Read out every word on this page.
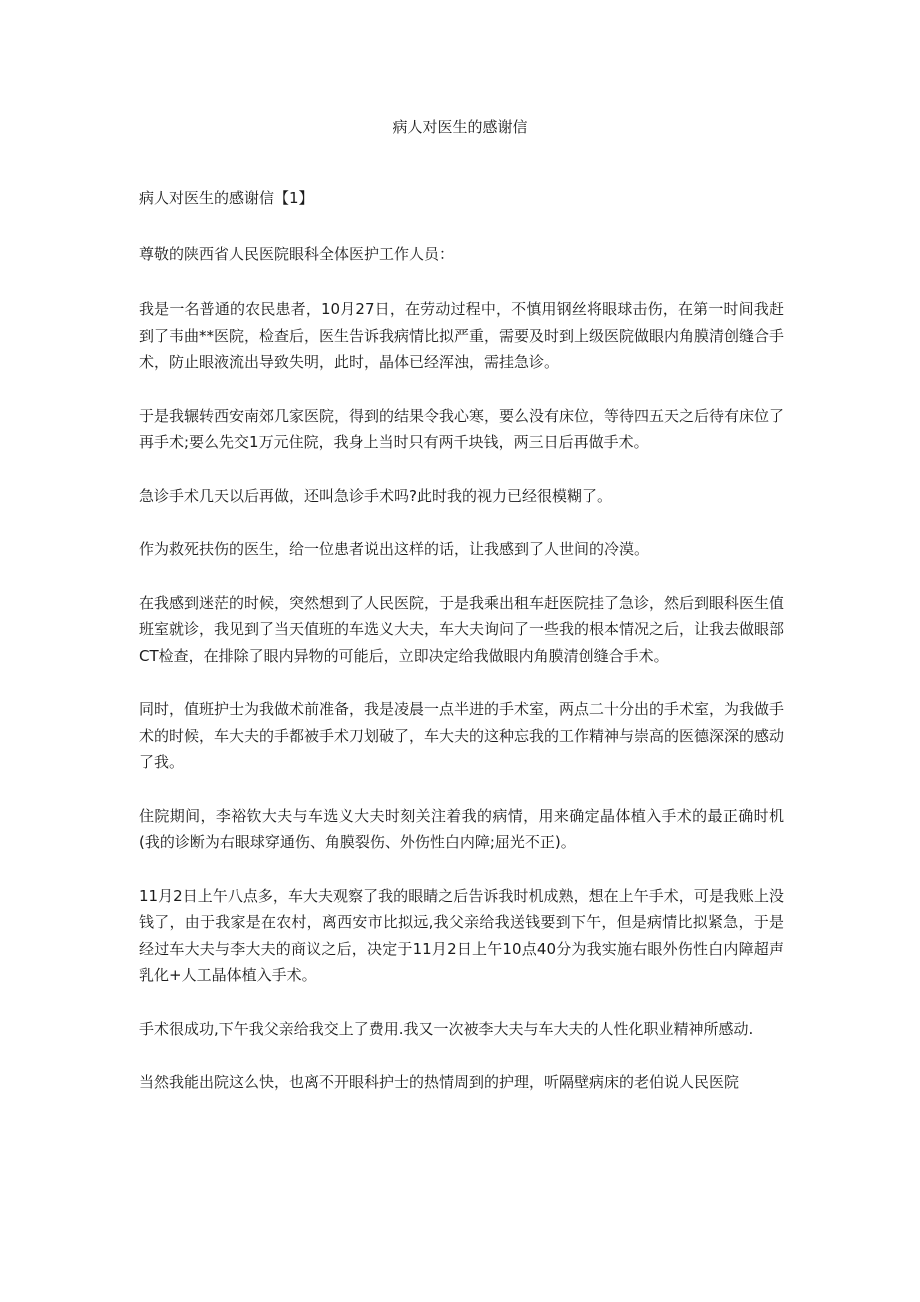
病人对医生的感谢信

病人对医生的感谢信【1】

尊敬的陕西省人民医院眼科全体医护工作人员：

我是一名普通的农民患者，10月27日，在劳动过程中，不慎用钢丝将眼球击伤，在第一时间我赶到了韦曲**医院，检查后，医生告诉我病情比拟严重，需要及时到上级医院做眼内角膜清创缝合手术，防止眼液流出导致失明，此时，晶体已经浑浊，需挂急诊。

于是我辗转西安南郊几家医院，得到的结果令我心寒，要么没有床位，等待四五天之后待有床位了再手术;要么先交1万元住院，我身上当时只有两千块钱，两三日后再做手术。

急诊手术几天以后再做，还叫急诊手术吗?此时我的视力已经很模糊了。

作为救死扶伤的医生，给一位患者说出这样的话，让我感到了人世间的冷漠。

在我感到迷茫的时候，突然想到了人民医院，于是我乘出租车赶医院挂了急诊，然后到眼科医生值班室就诊，我见到了当天值班的车选义大夫，车大夫询问了一些我的根本情况之后，让我去做眼部CT检查，在排除了眼内异物的可能后，立即决定给我做眼内角膜清创缝合手术。

同时，值班护士为我做术前准备，我是凌晨一点半进的手术室，两点二十分出的手术室，为我做手术的时候，车大夫的手都被手术刀划破了，车大夫的这种忘我的工作精神与崇高的医德深深的感动了我。

住院期间，李裕钦大夫与车选义大夫时刻关注着我的病情，用来确定晶体植入手术的最正确时机(我的诊断为右眼球穿通伤、角膜裂伤、外伤性白内障;屈光不正)。

11月2日上午八点多，车大夫观察了我的眼睛之后告诉我时机成熟，想在上午手术，可是我账上没钱了，由于我家是在农村，离西安市比拟远,我父亲给我送钱要到下午，但是病情比拟紧急，于是经过车大夫与李大夫的商议之后，决定于11月2日上午10点40分为我实施右眼外伤性白内障超声乳化+人工晶体植入手术。

手术很成功,下午我父亲给我交上了费用.我又一次被李大夫与车大夫的人性化职业精神所感动.

当然我能出院这么快，也离不开眼科护士的热情周到的护理，听隔壁病床的老伯说人民医院
